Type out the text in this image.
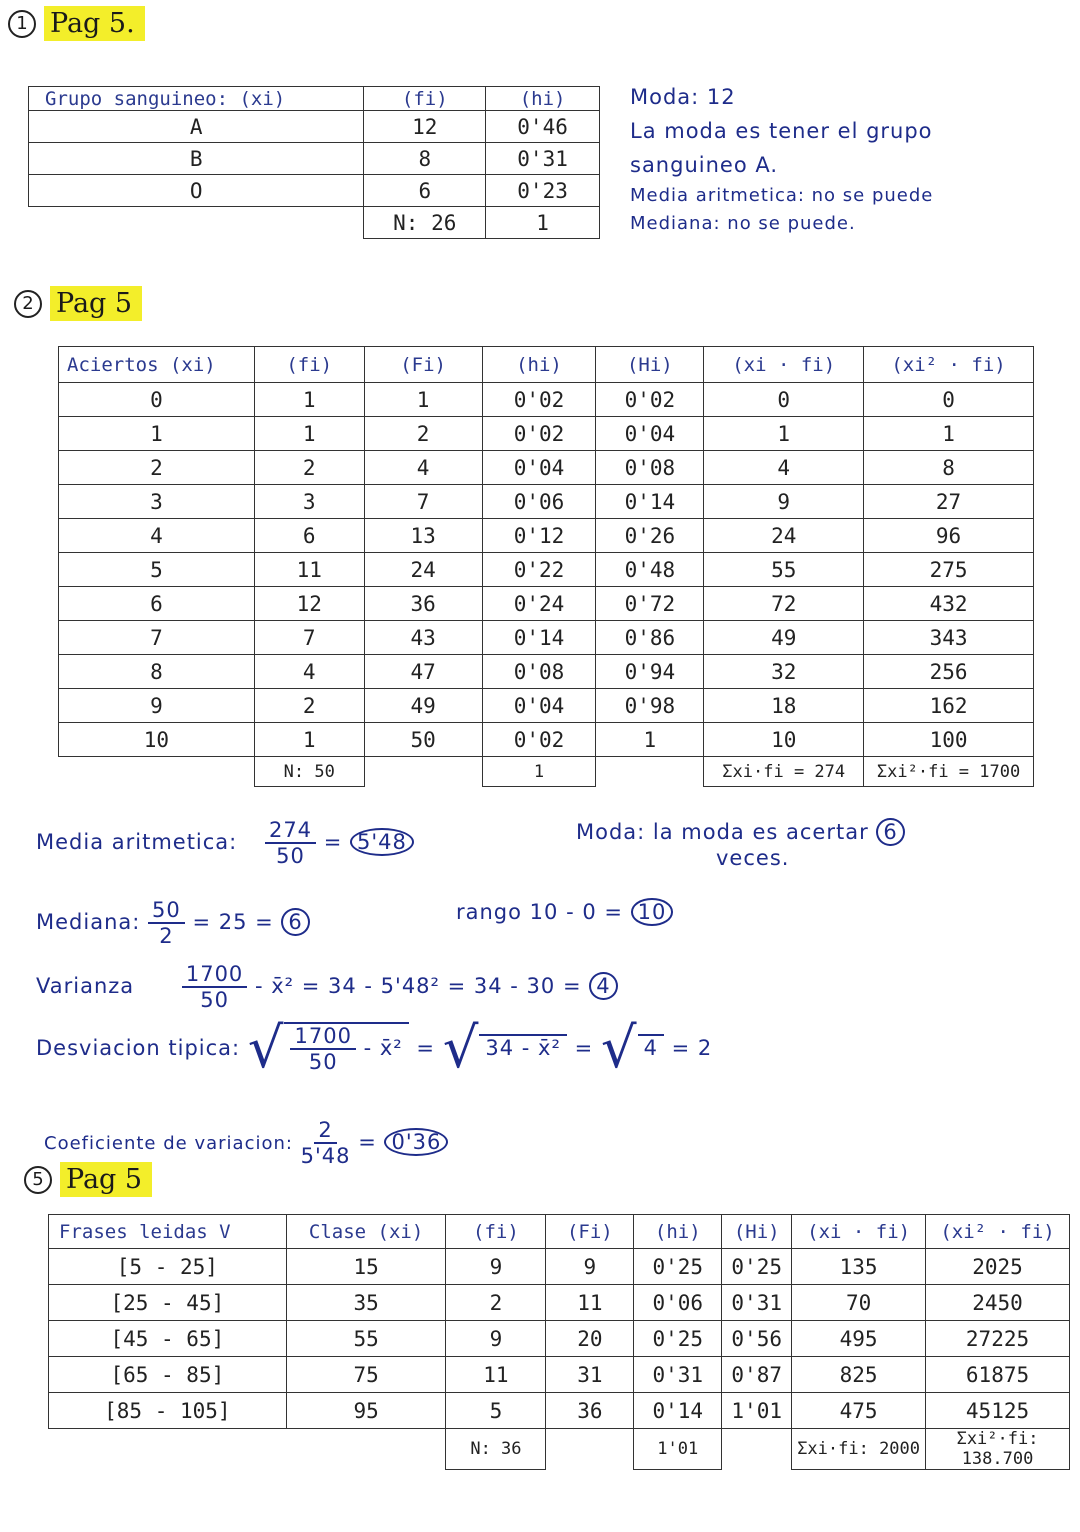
1 Pag 5.
Grupo sanguineo: (xi)	(fi)	(hi)
A	12	0'46
B	8	0'31
O	6	0'23
	N: 26	1
Moda: 12
La moda es tener el grupo
sanguineo A.
Media aritmetica: no se puede
Mediana: no se puede.
2 Pag 5
Aciertos (xi)	(fi)	(Fi)	(hi)	(Hi)	(xi · fi)	(xi² · fi)
0	1	1	0'02	0'02	0	0
1	1	2	0'02	0'04	1	1
2	2	4	0'04	0'08	4	8
3	3	7	0'06	0'14	9	27
4	6	13	0'12	0'26	24	96
5	11	24	0'22	0'48	55	275
6	12	36	0'24	0'72	72	432
7	7	43	0'14	0'86	49	343
8	4	47	0'08	0'94	32	256
9	2	49	0'04	0'98	18	162
10	1	50	0'02	1	10	100
	N: 50		1		Σxi·fi = 274	Σxi²·fi = 1700
Media aritmetica: $\frac{274}{50} = 5'48$	Moda: la moda es acertar 6
veces.
Mediana: $\frac{50}{2} = 25 = 6$	rango 10 - 0 = 10
Varianza $\frac{1700}{50}$ - x̄² = 34 - 5'48² = 34 - 30 = 4
Desviacion tipica: √ $\frac{1700}{50}$ - x̄² = √ 34 - x̄² = √ 4 = 2
Coeficiente de variacion: $\frac{2}{5'48} = 0'36$
5 Pag 5
Frases leidas V	Clase (xi)	(fi)	(Fi)	(hi)	(Hi)	(xi · fi)	(xi² · fi)
[5 - 25]	15	9	9	0'25	0'25	135	2025
[25 - 45]	35	2	11	0'06	0'31	70	2450
[45 - 65]	55	9	20	0'25	0'56	495	27225
[65 - 85]	75	11	31	0'31	0'87	825	61875
[85 - 105]	95	5	36	0'14	1'01	475	45125
		N: 36		1'01		Σxi·fi: 2000	Σxi²·fi: 138.700
